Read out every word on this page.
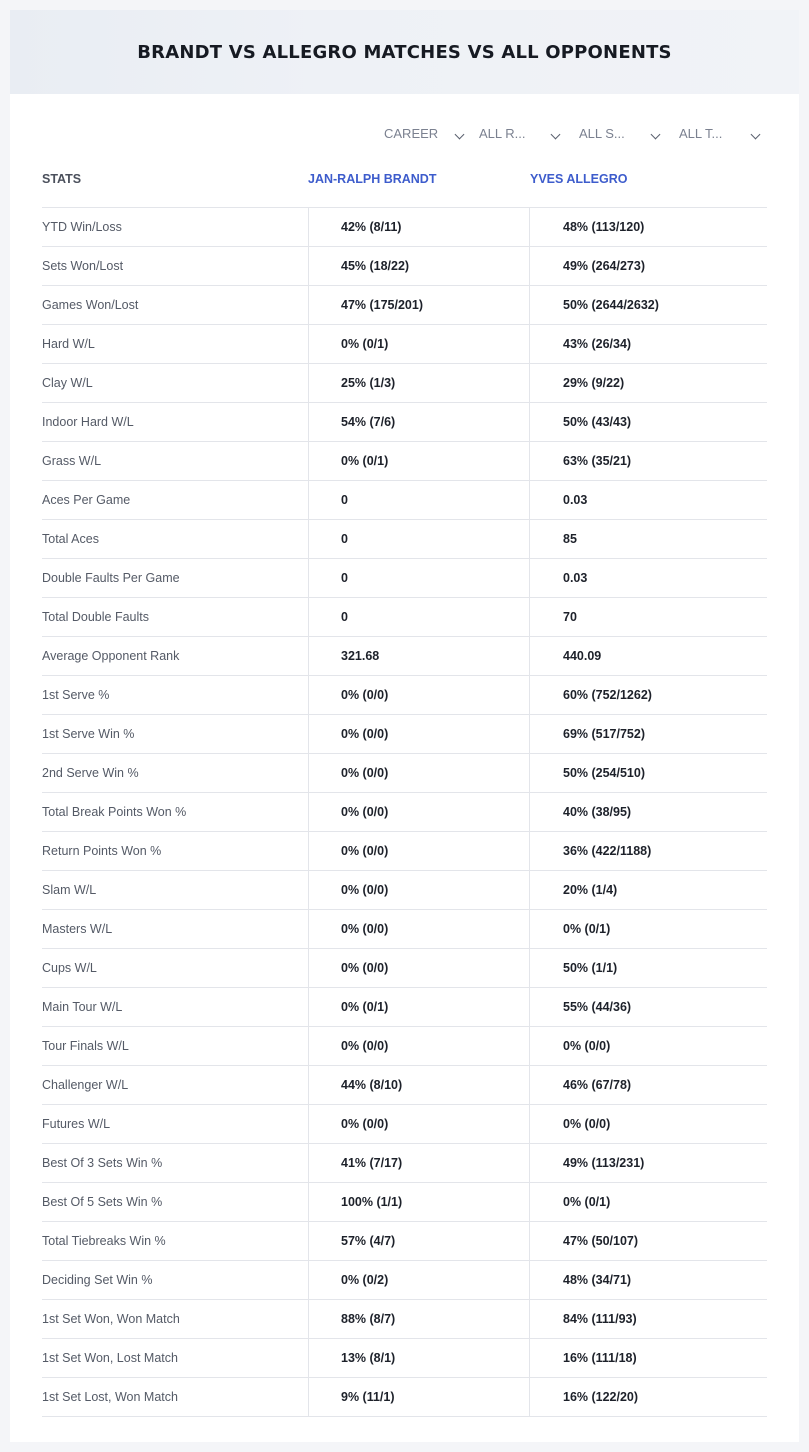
BRANDT VS ALLEGRO MATCHES VS ALL OPPONENTS
CAREER	ALL R...	ALL S...	ALL T...
STATS	JAN-RALPH BRANDT	YVES ALLEGRO
YTD Win/Loss	42% (8/11)	48% (113/120)
Sets Won/Lost	45% (18/22)	49% (264/273)
Games Won/Lost	47% (175/201)	50% (2644/2632)
Hard W/L	0% (0/1)	43% (26/34)
Clay W/L	25% (1/3)	29% (9/22)
Indoor Hard W/L	54% (7/6)	50% (43/43)
Grass W/L	0% (0/1)	63% (35/21)
Aces Per Game	0	0.03
Total Aces	0	85
Double Faults Per Game	0	0.03
Total Double Faults	0	70
Average Opponent Rank	321.68	440.09
1st Serve %	0% (0/0)	60% (752/1262)
1st Serve Win %	0% (0/0)	69% (517/752)
2nd Serve Win %	0% (0/0)	50% (254/510)
Total Break Points Won %	0% (0/0)	40% (38/95)
Return Points Won %	0% (0/0)	36% (422/1188)
Slam W/L	0% (0/0)	20% (1/4)
Masters W/L	0% (0/0)	0% (0/1)
Cups W/L	0% (0/0)	50% (1/1)
Main Tour W/L	0% (0/1)	55% (44/36)
Tour Finals W/L	0% (0/0)	0% (0/0)
Challenger W/L	44% (8/10)	46% (67/78)
Futures W/L	0% (0/0)	0% (0/0)
Best Of 3 Sets Win %	41% (7/17)	49% (113/231)
Best Of 5 Sets Win %	100% (1/1)	0% (0/1)
Total Tiebreaks Win %	57% (4/7)	47% (50/107)
Deciding Set Win %	0% (0/2)	48% (34/71)
1st Set Won, Won Match	88% (8/7)	84% (111/93)
1st Set Won, Lost Match	13% (8/1)	16% (111/18)
1st Set Lost, Won Match	9% (11/1)	16% (122/20)
